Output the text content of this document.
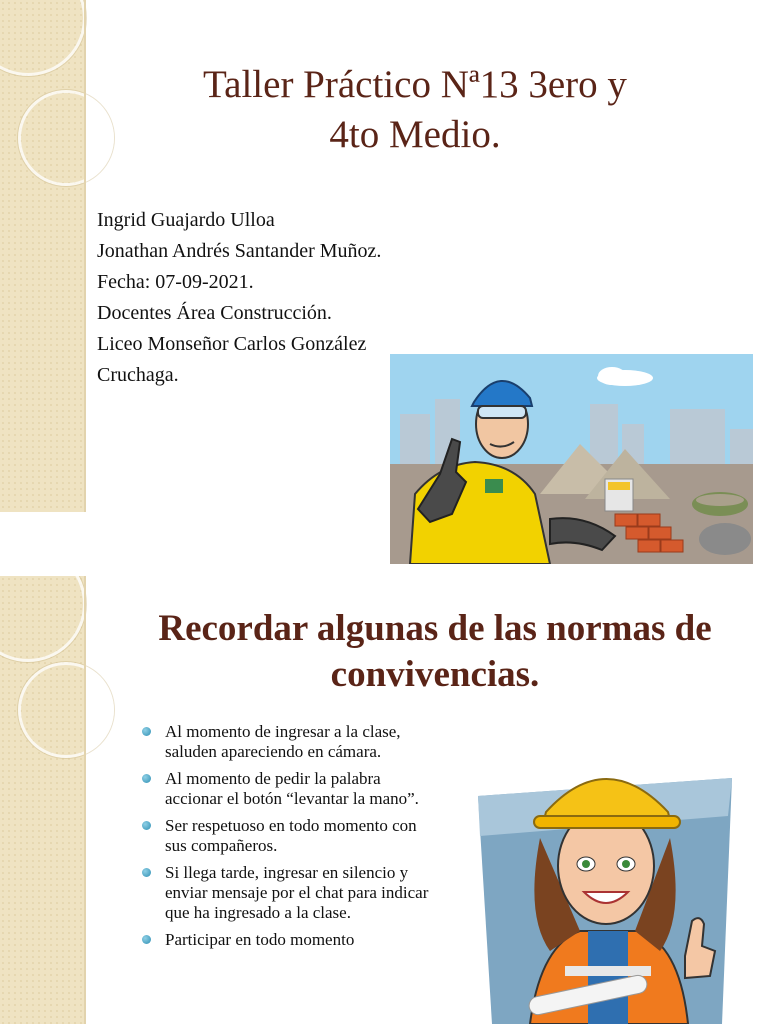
Taller Práctico Nª13 3ero y
4to Medio.
Ingrid Guajardo Ulloa
Jonathan Andrés Santander Muñoz.
Fecha: 07-09-2021.
Docentes Área Construcción.
Liceo Monseñor Carlos González Cruchaga.
Recordar algunas de las normas de
convivencias.
Al momento de ingresar a la clase, saluden apareciendo en cámara.
Al momento de pedir la palabra accionar el botón “levantar la mano”.
Ser respetuoso en todo momento con sus compañeros.
Si llega tarde, ingresar en silencio y enviar mensaje por el chat para indicar que ha ingresado a la clase.
Participar en todo momento
